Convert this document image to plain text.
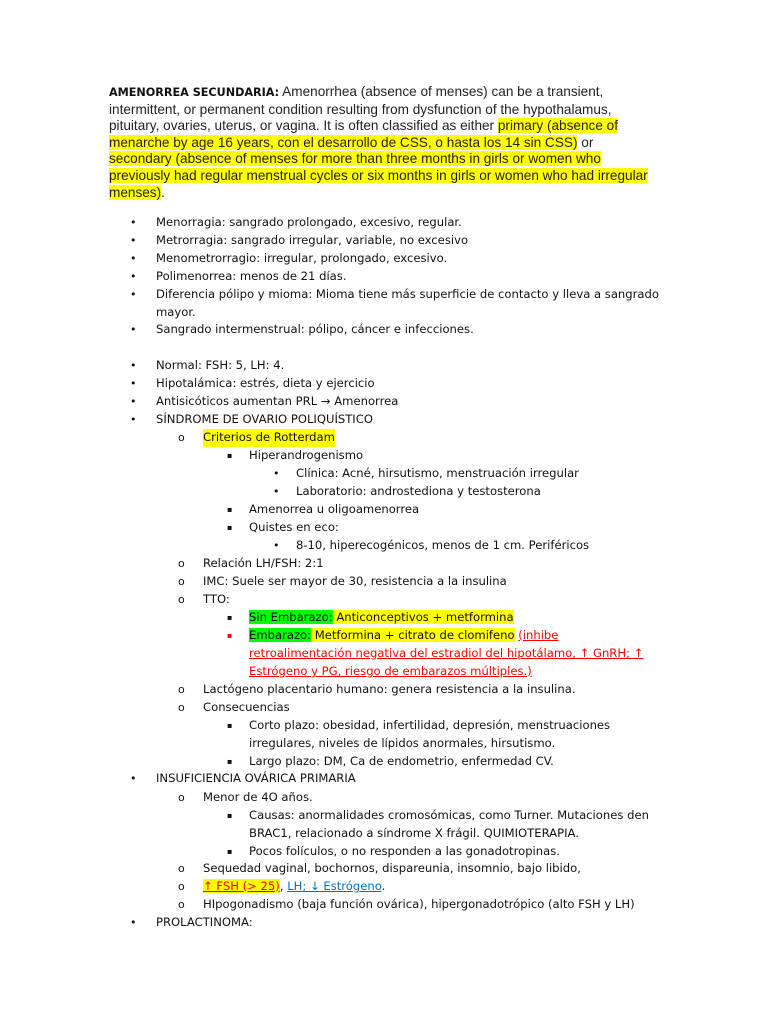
AMENORREA SECUNDARIA: Amenorrhea (absence of menses) can be a transient, intermittent, or permanent condition resulting from dysfunction of the hypothalamus, pituitary, ovaries, uterus, or vagina. It is often classified as either primary (absence of menarche by age 16 years, con el desarrollo de CSS, o hasta los 14 sin CSS) or secondary (absence of menses for more than three months in girls or women who previously had regular menstrual cycles or six months in girls or women who had irregular menses).

• Menorragia: sangrado prolongado, excesivo, regular.
• Metrorragia: sangrado irregular, variable, no excesivo
• Menometrorragio: irregular, prolongado, excesivo.
• Polimenorrea: menos de 21 días.
• Diferencia pólipo y mioma: Mioma tiene más superficie de contacto y lleva a sangrado
mayor.
• Sangrado intermenstrual: pólipo, cáncer e infecciones.
• Normal: FSH: 5, LH: 4.
• Hipotalámica: estrés, dieta y ejercicio
• Antisicóticos aumentan PRL → Amenorrea
• SÍNDROME DE OVARIO POLIQUÍSTICO
o Criterios de Rotterdam
▪ Hiperandrogenismo
• Clínica: Acné, hirsutismo, menstruación irregular
• Laboratorio: androstediona y testosterona
▪ Amenorrea u oligoamenorrea
▪ Quistes en eco:
• 8-10, hiperecogénicos, menos de 1 cm. Periféricos
o Relación LH/FSH: 2:1
o IMC: Suele ser mayor de 30, resistencia a la insulina
o TTO:
▪ Sin Embarazo: Anticonceptivos + metformina
▪ Embarazo: Metformina + citrato de clomifeno (inhibe
retroalimentación negativa del estradiol del hipotálamo, ↑ GnRH; ↑
Estrógeno y PG, riesgo de embarazos múltiples.)
o Lactógeno placentario humano: genera resistencia a la insulina.
o Consecuencias
▪ Corto plazo: obesidad, infertilidad, depresión, menstruaciones
irregulares, niveles de lípidos anormales, hirsutismo.
▪ Largo plazo: DM, Ca de endometrio, enfermedad CV.
• INSUFICIENCIA OVÁRICA PRIMARIA
o Menor de 4O años.
▪ Causas: anormalidades cromosómicas, como Turner. Mutaciones den
BRAC1, relacionado a síndrome X frágil. QUIMIOTERAPIA.
▪ Pocos folículos, o no responden a las gonadotropinas.
o Sequedad vaginal, bochornos, dispareunia, insomnio, bajo libido,
o ↑ FSH (> 25), LH; ↓ Estrógeno.
o HIpogonadismo (baja función ovárica), hipergonadotrópico (alto FSH y LH)
• PROLACTINOMA:
